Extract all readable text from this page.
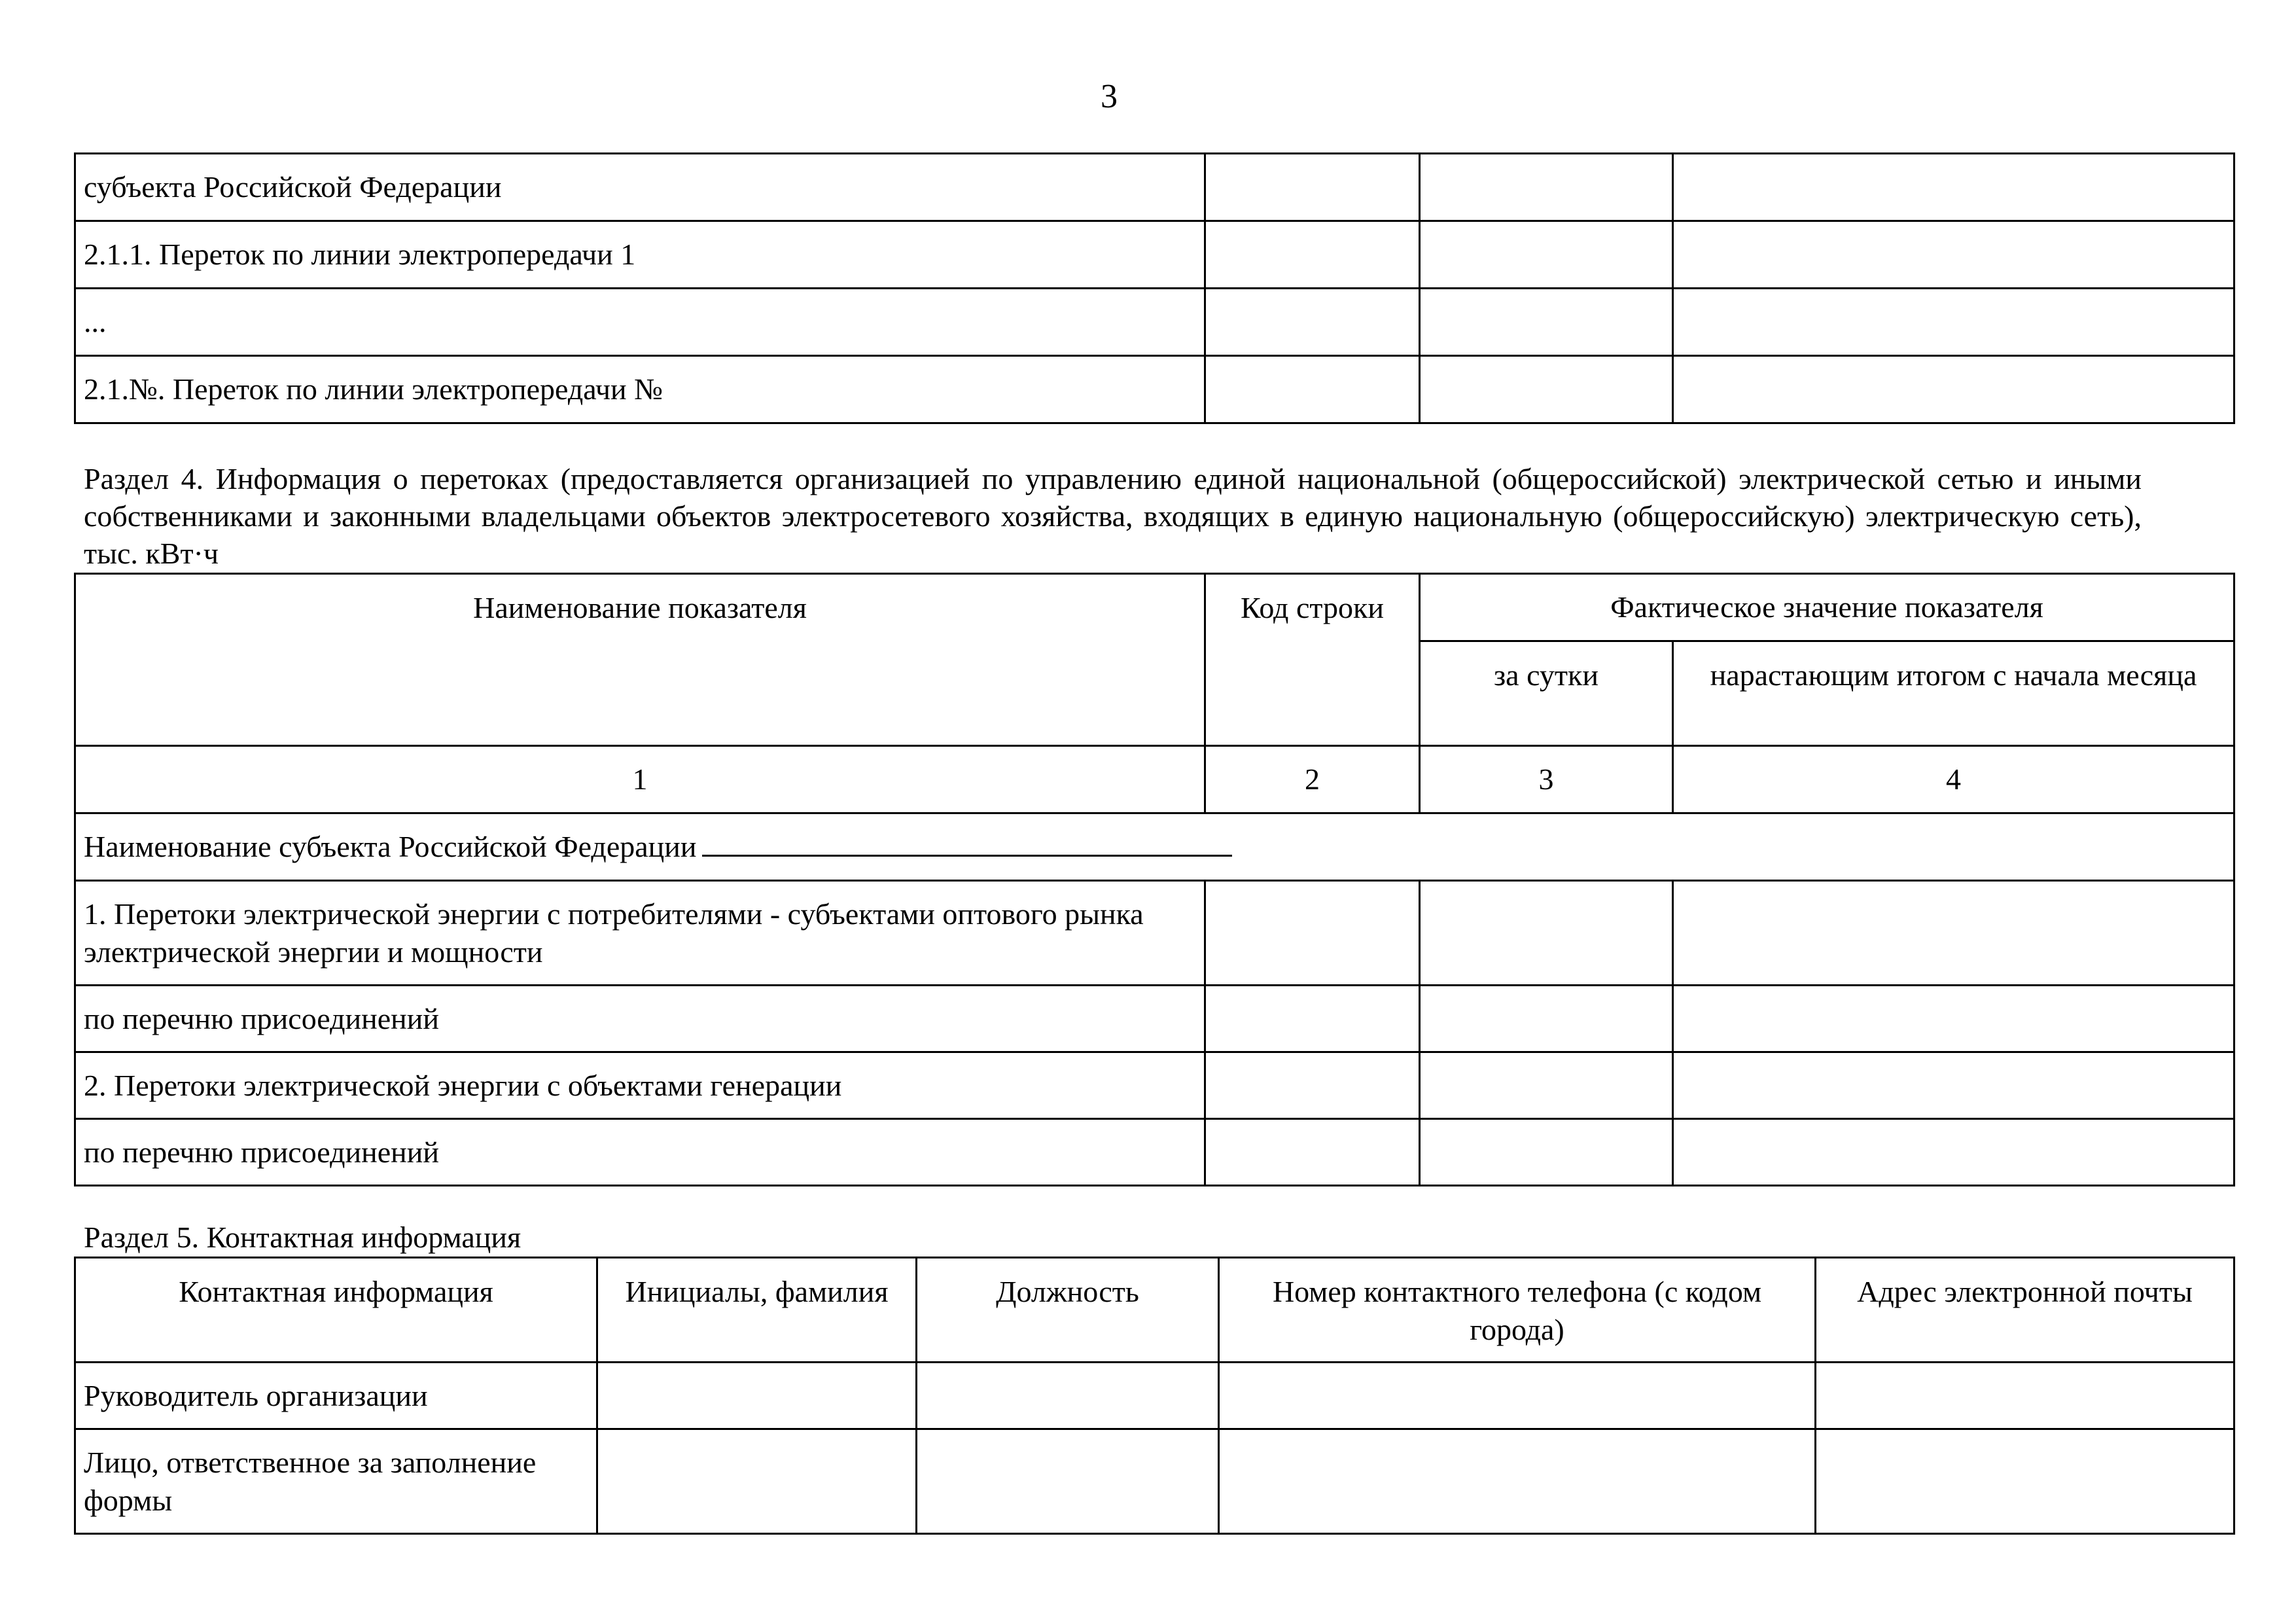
3
субъекта Российской Федерации			
2.1.1. Переток по линии электропередачи 1			
...			
2.1.№. Переток по линии электропередачи №			
Раздел 4. Информация о перетоках (предоставляется организацией по управлению единой национальной (общероссийской) электрической сетью и иными собственниками и законными владельцами объектов электросетевого хозяйства, входящих в единую национальную (общероссийскую) электрическую сеть), тыс. кВт·ч
Наименование показателя	Код строки	Фактическое значение показателя	
		за сутки	нарастающим итогом с начала месяца
1	2	3	4
Наименование субъекта Российской Федерации			
1. Перетоки электрической энергии с потребителями - субъектами оптового рынка электрической энергии и мощности			
по перечню присоединений			
2. Перетоки электрической энергии с объектами генерации			
по перечню присоединений			
Раздел 5. Контактная информация
Контактная информация	Инициалы, фамилия	Должность	Номер контактного телефона (с кодом города)	Адрес электронной почты
Руководитель организации				
Лицо, ответственное за заполнение формы				
